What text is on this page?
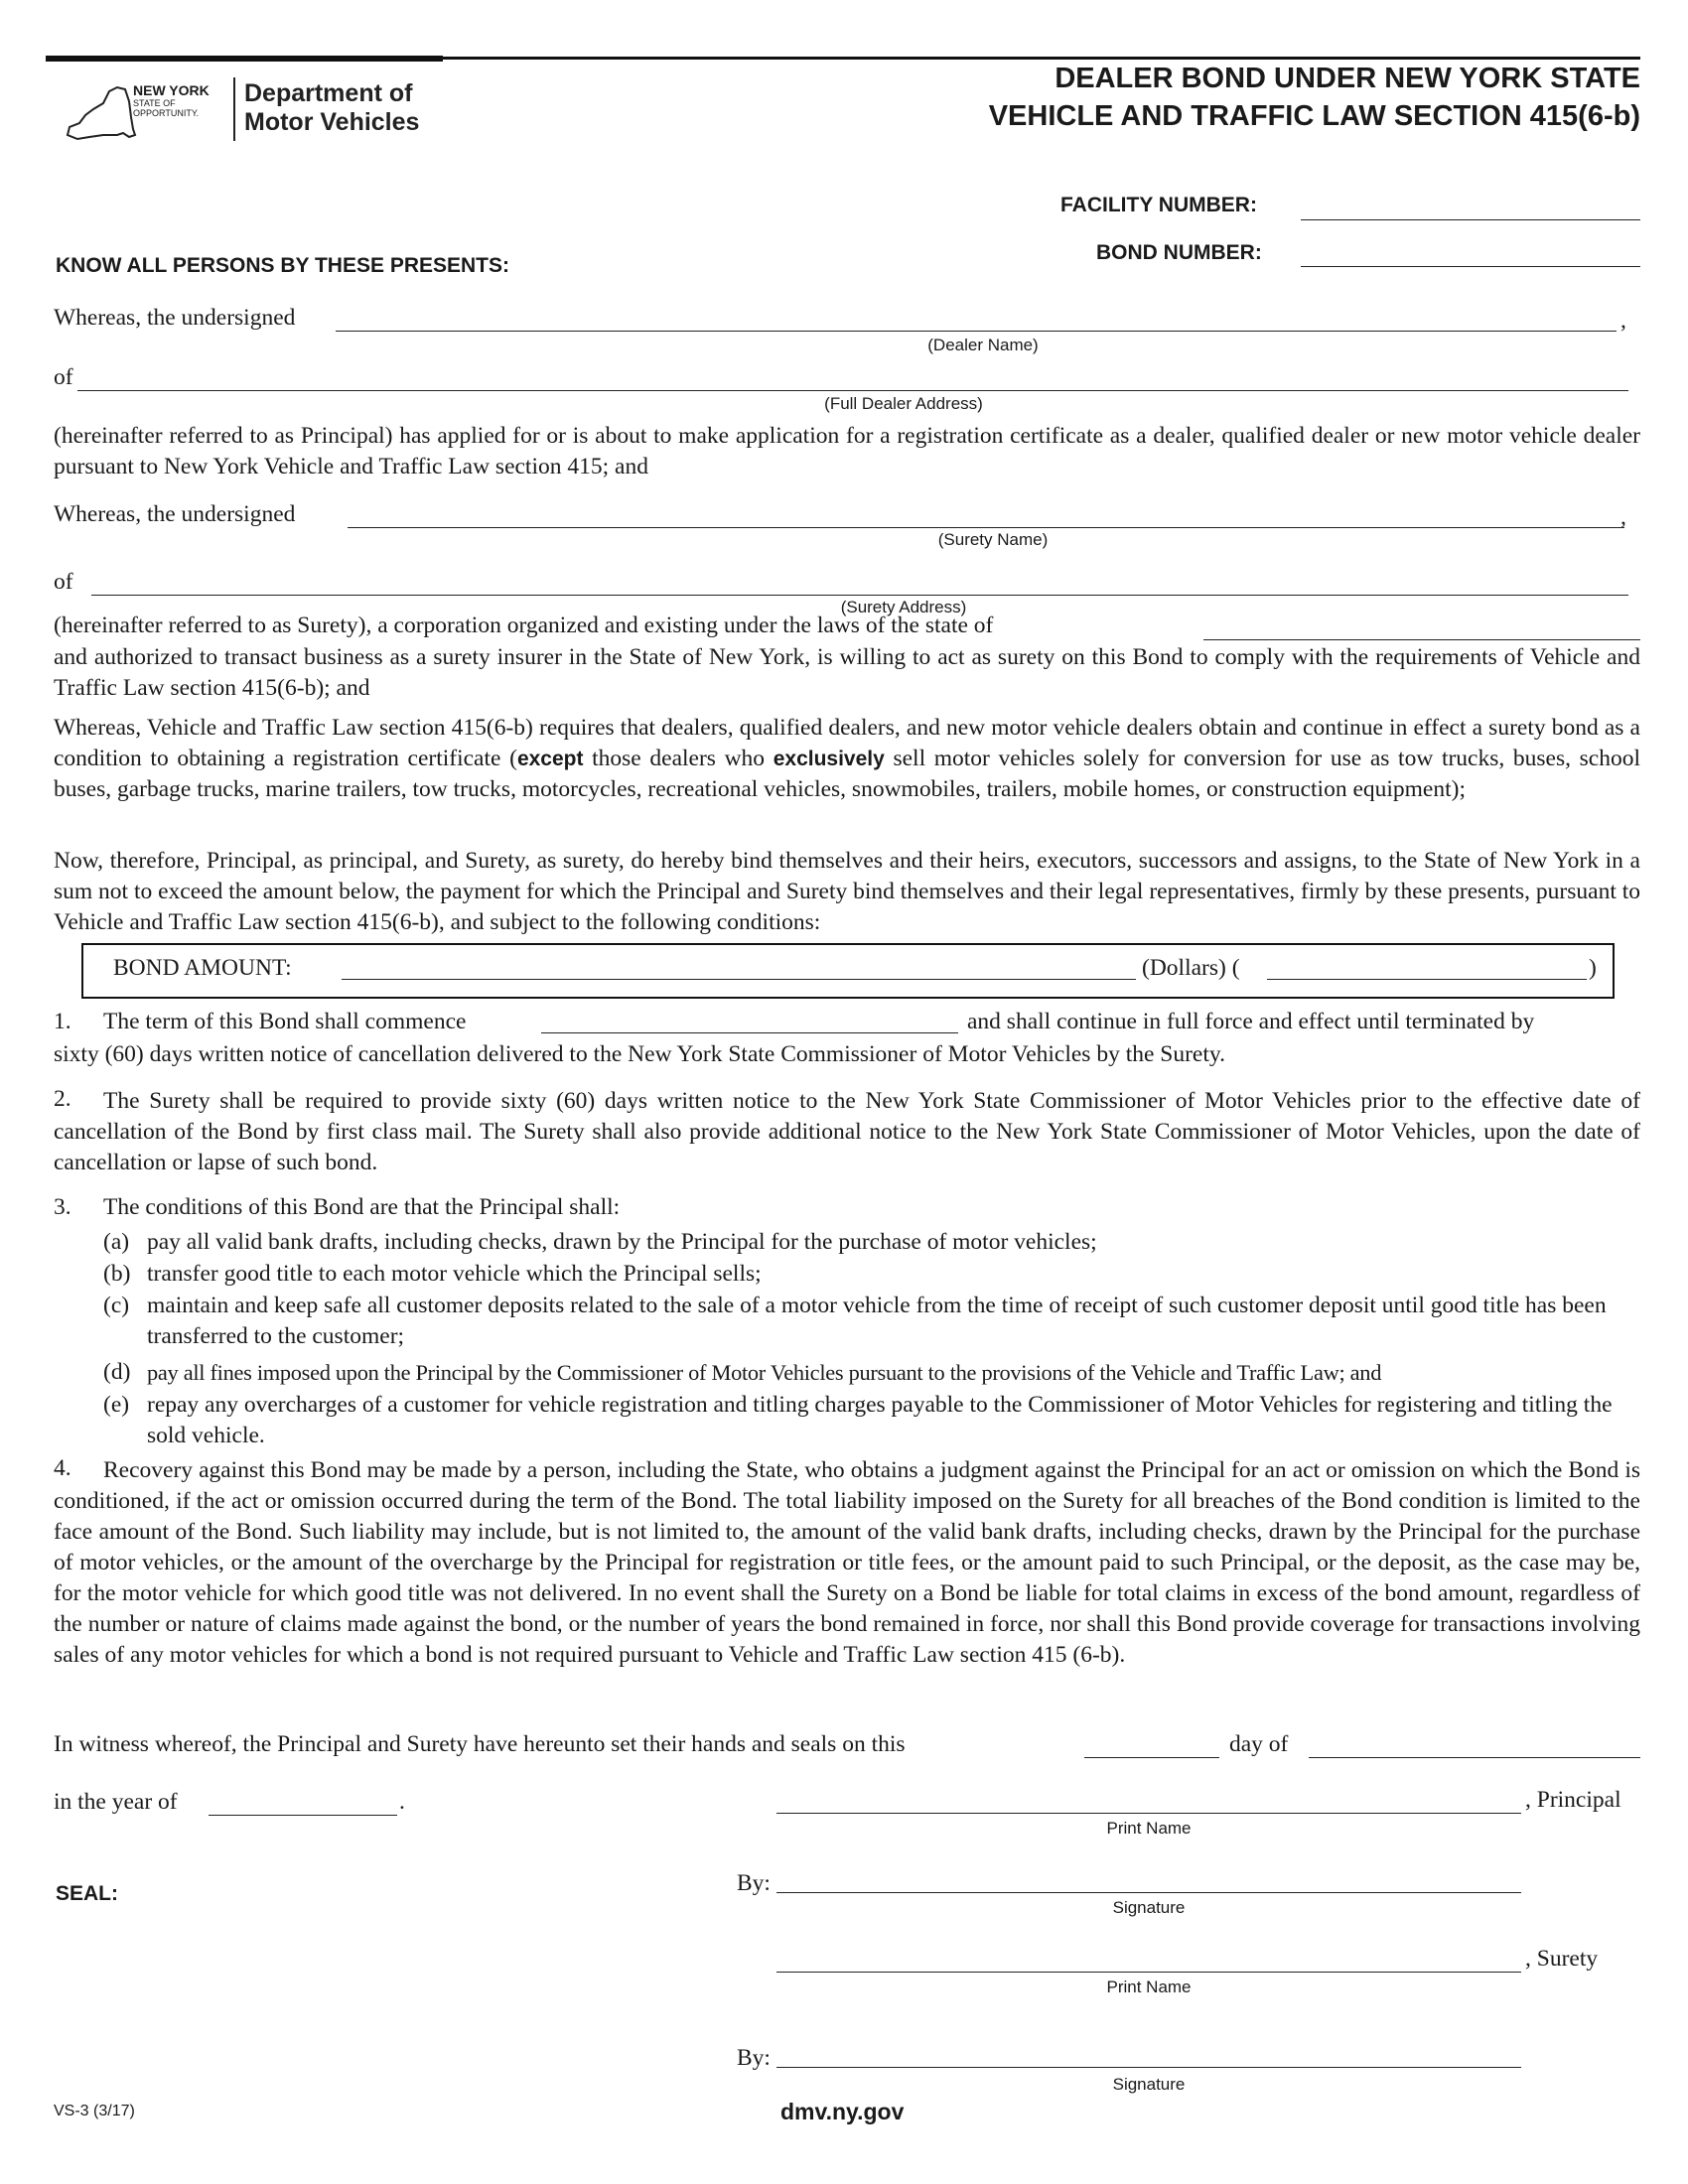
NEW YORK
STATE OF
OPPORTUNITY.
Department of
Motor Vehicles
DEALER BOND UNDER NEW YORK STATE
VEHICLE AND TRAFFIC LAW SECTION 415(6-b)
FACILITY NUMBER:
BOND NUMBER:
KNOW ALL PERSONS BY THESE PRESENTS:
Whereas, the undersigned	,
(Dealer Name)
of
(Full Dealer Address)
(hereinafter referred to as Principal) has applied for or is about to make application for a registration certificate as a dealer, qualified dealer or new motor vehicle dealer pursuant to New York Vehicle and Traffic Law section 415; and
Whereas, the undersigned	,
(Surety Name)
of
(Surety Address)
(hereinafter referred to as Surety), a corporation organized and existing under the laws of the state of
and authorized to transact business as a surety insurer in the State of New York, is willing to act as surety on this Bond to comply with the requirements of Vehicle and Traffic Law section 415(6-b); and
Whereas, Vehicle and Traffic Law section 415(6-b) requires that dealers, qualified dealers, and new motor vehicle dealers obtain and continue in effect a surety bond as a condition to obtaining a registration certificate (except those dealers who exclusively sell motor vehicles solely for conversion for use as tow trucks, buses, school buses, garbage trucks, marine trailers, tow trucks, motorcycles, recreational vehicles, snowmobiles, trailers, mobile homes, or construction equipment);
Now, therefore, Principal, as principal, and Surety, as surety, do hereby bind themselves and their heirs, executors, successors and assigns, to the State of New York in a sum not to exceed the amount below, the payment for which the Principal and Surety bind themselves and their legal representatives, firmly by these presents, pursuant to Vehicle and Traffic Law section 415(6-b), and subject to the following conditions:
BOND AMOUNT:	(Dollars) (	)
1. The term of this Bond shall commence	and shall continue in full force and effect until terminated by
sixty (60) days written notice of cancellation delivered to the New York State Commissioner of Motor Vehicles by the Surety.
2.	The Surety shall be required to provide sixty (60) days written notice to the New York State Commissioner of Motor Vehicles prior to the effective date of cancellation of the Bond by first class mail. The Surety shall also provide additional notice to the New York State Commissioner of Motor Vehicles, upon the date of cancellation or lapse of such bond.
3. The conditions of this Bond are that the Principal shall:
(a) pay all valid bank drafts, including checks, drawn by the Principal for the purchase of motor vehicles;
(b) transfer good title to each motor vehicle which the Principal sells;
(c) maintain and keep safe all customer deposits related to the sale of a motor vehicle from the time of receipt of such customer deposit until good title has been transferred to the customer;
(d) pay all fines imposed upon the Principal by the Commissioner of Motor Vehicles pursuant to the provisions of the Vehicle and Traffic Law; and
(e) repay any overcharges of a customer for vehicle registration and titling charges payable to the Commissioner of Motor Vehicles for registering and titling the sold vehicle.
4.	Recovery against this Bond may be made by a person, including the State, who obtains a judgment against the Principal for an act or omission on which the Bond is conditioned, if the act or omission occurred during the term of the Bond. The total liability imposed on the Surety for all breaches of the Bond condition is limited to the face amount of the Bond. Such liability may include, but is not limited to, the amount of the valid bank drafts, including checks, drawn by the Principal for the purchase of motor vehicles, or the amount of the overcharge by the Principal for registration or title fees, or the amount paid to such Principal, or the deposit, as the case may be, for the motor vehicle for which good title was not delivered. In no event shall the Surety on a Bond be liable for total claims in excess of the bond amount, regardless of the number or nature of claims made against the bond, or the number of years the bond remained in force, nor shall this Bond provide coverage for transactions involving sales of any motor vehicles for which a bond is not required pursuant to Vehicle and Traffic Law section 415 (6-b).
In witness whereof, the Principal and Surety have hereunto set their hands and seals on this	day of
in the year of	.	, Principal
Print Name
SEAL:	By:
Signature
, Surety
Print Name
By:
Signature
VS-3 (3/17)	dmv.ny.gov
